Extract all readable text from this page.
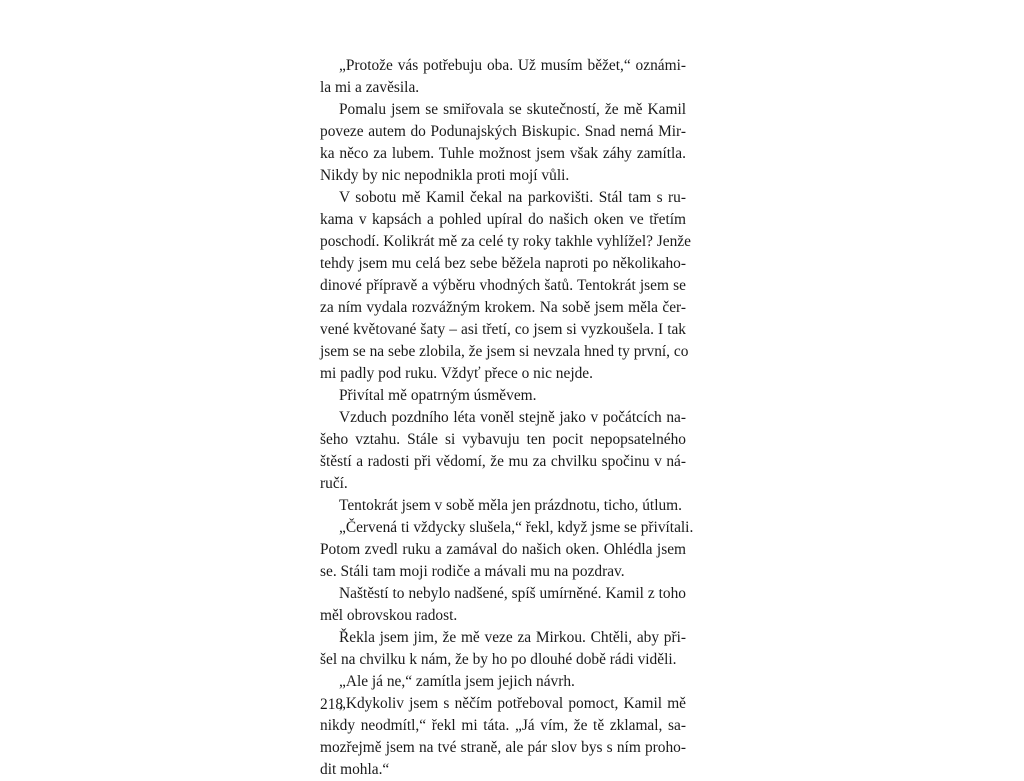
„Protože vás potřebuju oba. Už musím běžet,“ oznámi-
la mi a zavěsila.

Pomalu jsem se smiřovala se skutečností, že mě Kamil
poveze autem do Podunajských Biskupic. Snad nemá Mir-
ka něco za lubem. Tuhle možnost jsem však záhy zamítla.
Nikdy by nic nepodnikla proti mojí vůli.

V sobotu mě Kamil čekal na parkovišti. Stál tam s ru-
kama v kapsách a pohled upíral do našich oken ve třetím
poschodí. Kolikrát mě za celé ty roky takhle vyhlížel? Jenže
tehdy jsem mu celá bez sebe běžela naproti po několikaho-
dinové přípravě a výběru vhodných šatů. Tentokrát jsem se
za ním vydala rozvážným krokem. Na sobě jsem měla čer-
vené květované šaty – asi třetí, co jsem si vyzkoušela. I tak
jsem se na sebe zlobila, že jsem si nevzala hned ty první, co
mi padly pod ruku. Vždyť přece o nic nejde.

Přivítal mě opatrným úsměvem.

Vzduch pozdního léta voněl stejně jako v počátcích na-
šeho vztahu. Stále si vybavuju ten pocit nepopsatelného
štěstí a radosti při vědomí, že mu za chvilku spočinu v ná-
ručí.

Tentokrát jsem v sobě měla jen prázdnotu, ticho, útlum.

„Červená ti vždycky slušela,“ řekl, když jsme se přivítali.
Potom zvedl ruku a zamával do našich oken. Ohlédla jsem
se. Stáli tam moji rodiče a mávali mu na pozdrav.

Naštěstí to nebylo nadšené, spíš umírněné. Kamil z toho
měl obrovskou radost.

Řekla jsem jim, že mě veze za Mirkou. Chtěli, aby při-
šel na chvilku k nám, že by ho po dlouhé době rádi viděli.

„Ale já ne,“ zamítla jsem jejich návrh.

„Kdykoliv jsem s něčím potřeboval pomoct, Kamil mě
nikdy neodmítl,“ řekl mi táta. „Já vím, že tě zklamal, sa-
mozřejmě jsem na tvé straně, ale pár slov bys s ním proho-
dit mohla.“

218
